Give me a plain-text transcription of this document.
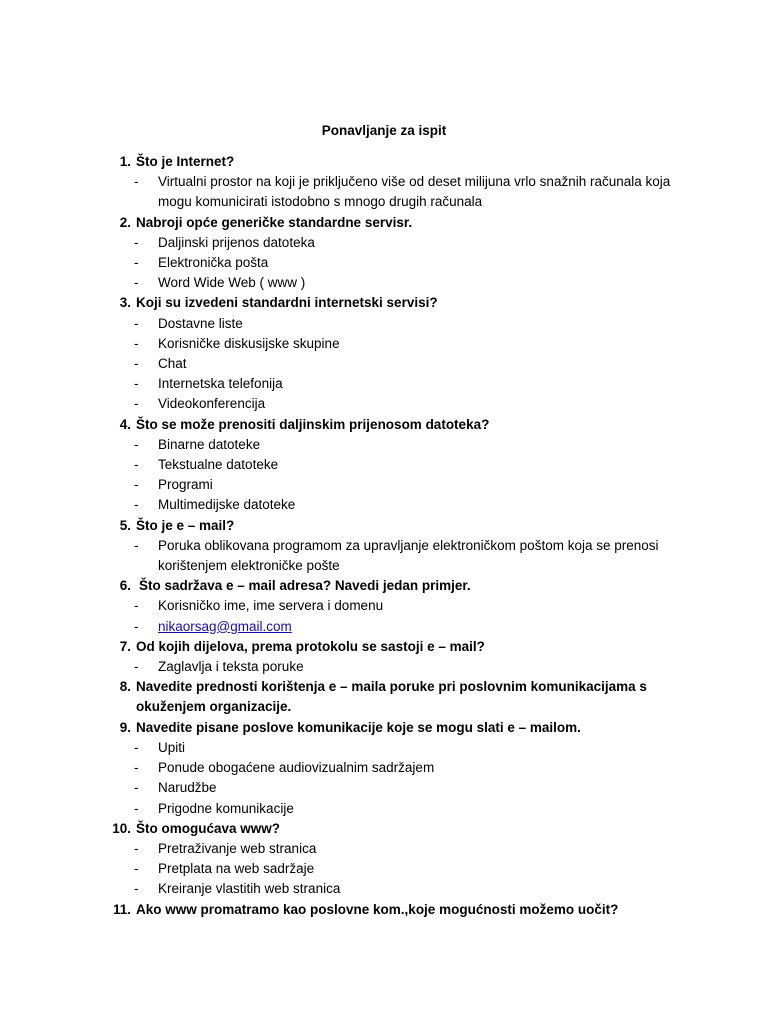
Ponavljanje za ispit
1. Što je Internet?
-	Virtualni prostor na koji je priključeno više od deset milijuna vrlo snažnih računala koja mogu komunicirati istodobno s mnogo drugih računala
2. Nabroji opće generičke standardne servisr.
-	Daljinski prijenos datoteka
-	Elektronička pošta
-	Word Wide Web ( www )
3. Koji su izvedeni standardni internetski servisi?
-	Dostavne liste
-	Korisničke diskusijske skupine
-	Chat
-	Internetska telefonija
-	Videokonferencija
4. Što se može prenositi daljinskim prijenosom datoteka?
-	Binarne datoteke
-	Tekstualne datoteke
-	Programi
-	Multimedijske datoteke
5. Što je e – mail?
-	Poruka oblikovana programom za upravljanje elektroničkom poštom koja se prenosi korištenjem elektroničke pošte
6. Što sadržava e – mail adresa? Navedi jedan primjer.
-	Korisničko ime, ime servera i domenu
-	nikaorsag@gmail.com
7. Od kojih dijelova, prema protokolu se sastoji e – mail?
-	Zaglavlja i teksta poruke
8. Navedite prednosti korištenja e – maila poruke pri poslovnim komunikacijama s okuženjem organizacije.
9. Navedite pisane poslove komunikacije koje se mogu slati e – mailom.
-	Upiti
-	Ponude obogaćene audiovizualnim sadržajem
-	Narudžbe
-	Prigodne komunikacije
10. Što omogućava www?
-	Pretraživanje web stranica
-	Pretplata na web sadržaje
-	Kreiranje vlastitih web stranica
11. Ako www promatramo kao poslovne kom.,koje mogućnosti možemo uočit?
